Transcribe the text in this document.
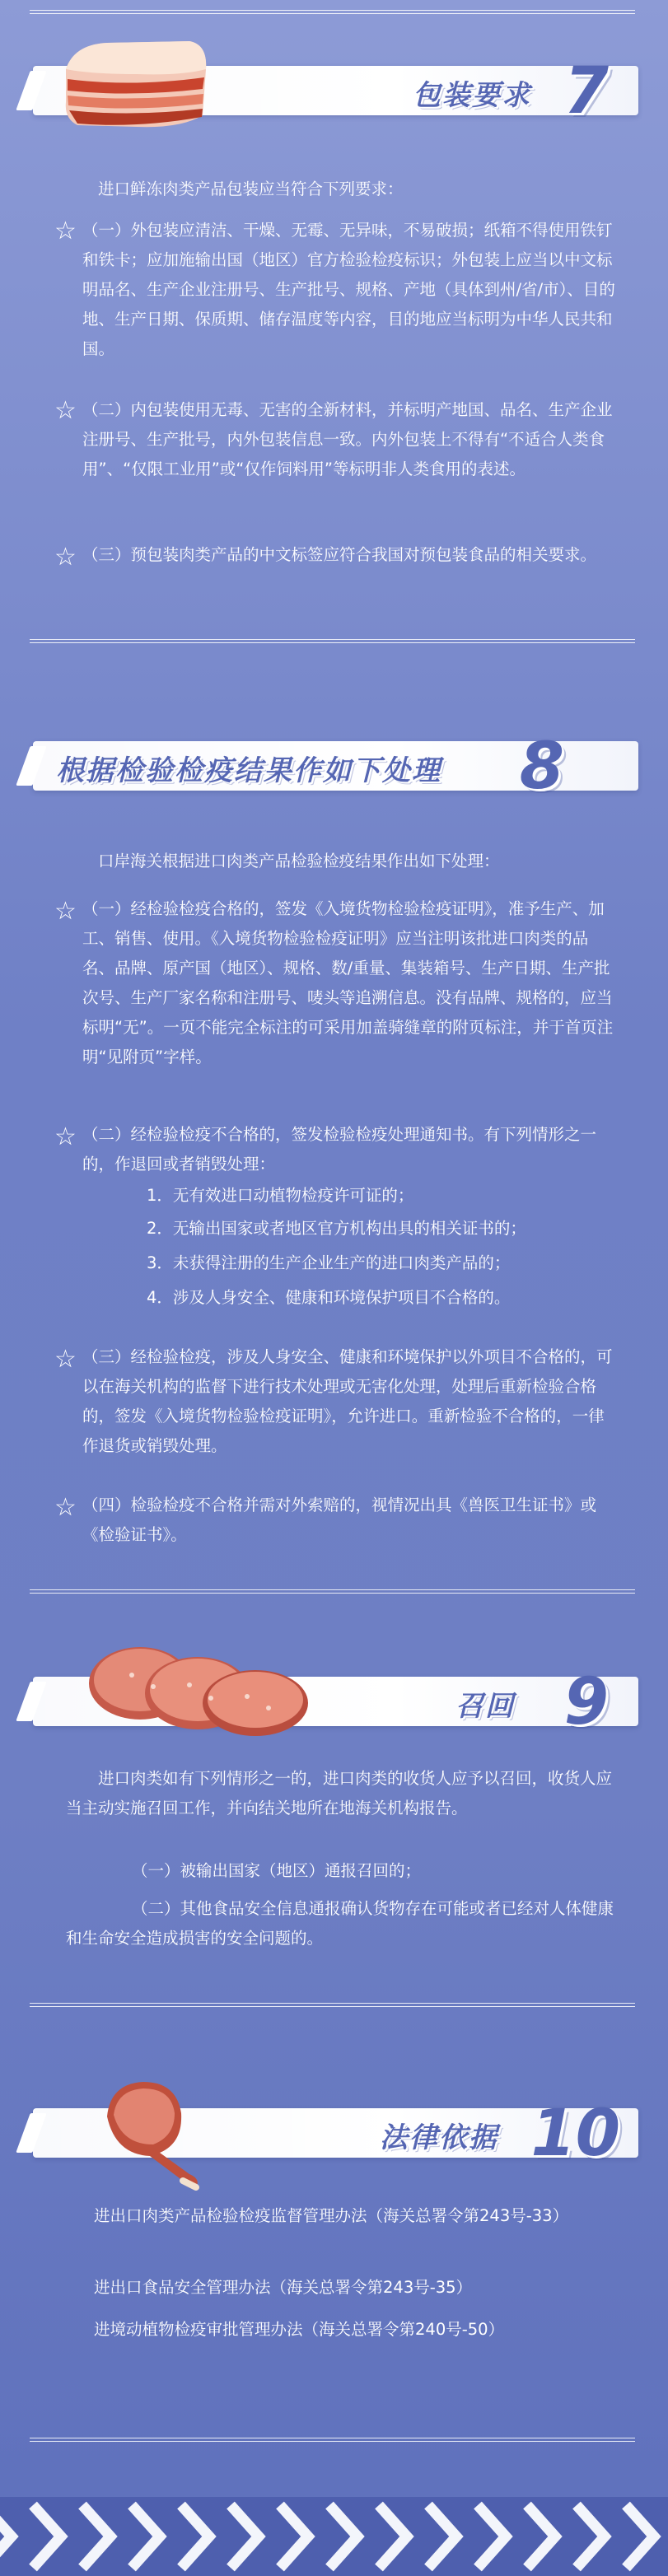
包装要求 7
进口鲜冻肉类产品包装应当符合下列要求：
☆ （一）外包装应清洁、干燥、无霉、无异味，不易破损；纸箱不得使用铁钉和铁卡；应加施输出国（地区）官方检验检疫标识；外包装上应当以中文标明品名、生产企业注册号、生产批号、规格、产地（具体到州/省/市）、目的地、生产日期、保质期、储存温度等内容，目的地应当标明为中华人民共和国。
☆ （二）内包装使用无毒、无害的全新材料，并标明产地国、品名、生产企业注册号、生产批号，内外包装信息一致。内外包装上不得有“不适合人类食用”、“仅限工业用”或“仅作饲料用”等标明非人类食用的表述。
☆ （三）预包装肉类产品的中文标签应符合我国对预包装食品的相关要求。
根据检验检疫结果作如下处理 8
口岸海关根据进口肉类产品检验检疫结果作出如下处理：
☆ （一）经检验检疫合格的，签发《入境货物检验检疫证明》，准予生产、加工、销售、使用。《入境货物检验检疫证明》应当注明该批进口肉类的品名、品牌、原产国（地区）、规格、数/重量、集装箱号、生产日期、生产批次号、生产厂家名称和注册号、唛头等追溯信息。没有品牌、规格的，应当标明“无”。一页不能完全标注的可采用加盖骑缝章的附页标注，并于首页注明“见附页”字样。
☆ （二）经检验检疫不合格的，签发检验检疫处理通知书。有下列情形之一的，作退回或者销毁处理：
1．无有效进口动植物检疫许可证的；
2．无输出国家或者地区官方机构出具的相关证书的；
3．未获得注册的生产企业生产的进口肉类产品的；
4．涉及人身安全、健康和环境保护项目不合格的。
☆ （三）经检验检疫，涉及人身安全、健康和环境保护以外项目不合格的，可以在海关机构的监督下进行技术处理或无害化处理，处理后重新检验合格的，签发《入境货物检验检疫证明》，允许进口。重新检验不合格的，一律作退货或销毁处理。
☆ （四）检验检疫不合格并需对外索赔的，视情况出具《兽医卫生证书》或《检验证书》。
召回 9
进口肉类如有下列情形之一的，进口肉类的收货人应予以召回，收货人应当主动实施召回工作，并向结关地所在地海关机构报告。
（一）被输出国家（地区）通报召回的；
（二）其他食品安全信息通报确认货物存在可能或者已经对人体健康和生命安全造成损害的安全问题的。
法律依据 10
进出口肉类产品检验检疫监督管理办法（海关总署令第243号-33）
进出口食品安全管理办法（海关总署令第243号-35）
进境动植物检疫审批管理办法（海关总署令第240号-50）
